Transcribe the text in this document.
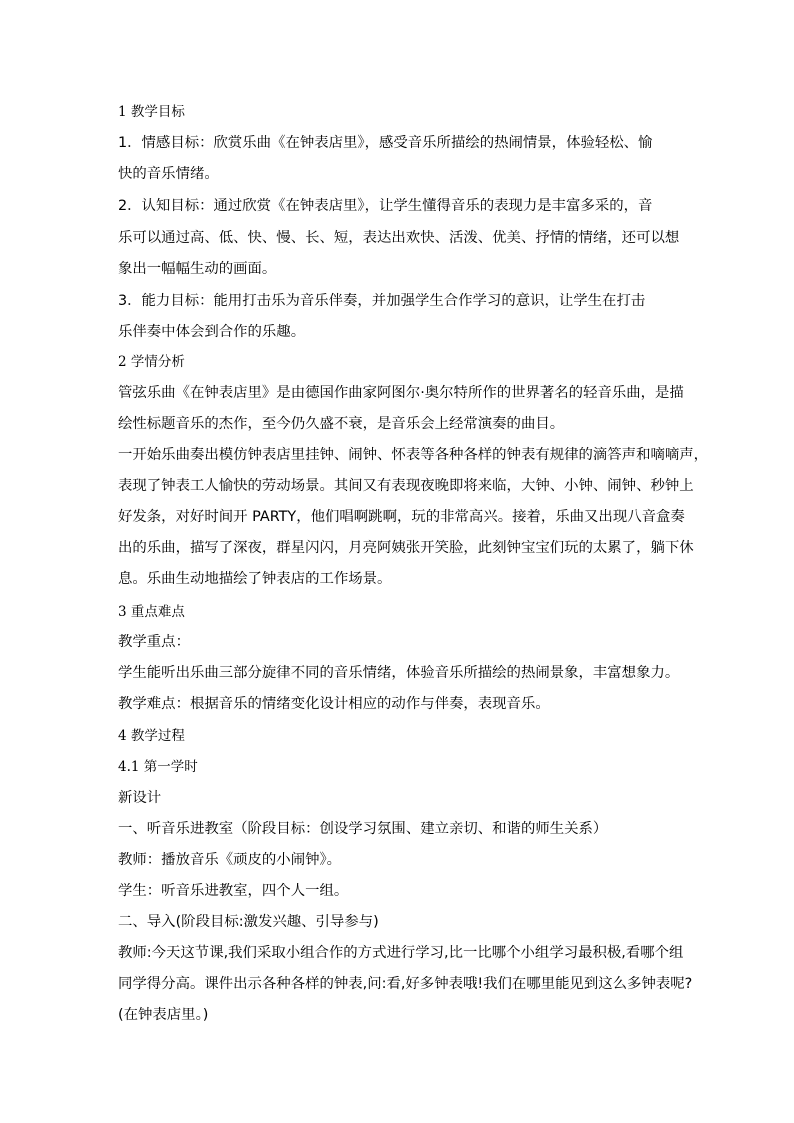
1 教学目标
1．情感目标：欣赏乐曲《在钟表店里》，感受音乐所描绘的热闹情景，体验轻松、愉
快的音乐情绪。
2．认知目标：通过欣赏《在钟表店里》，让学生懂得音乐的表现力是丰富多采的，音
乐可以通过高、低、快、慢、长、短，表达出欢快、活泼、优美、抒情的情绪，还可以想
象出一幅幅生动的画面。
3．能力目标：能用打击乐为音乐伴奏，并加强学生合作学习的意识，让学生在打击
乐伴奏中体会到合作的乐趣。
2 学情分析
管弦乐曲《在钟表店里》是由德国作曲家阿图尔·奥尔特所作的世界著名的轻音乐曲，是描
绘性标题音乐的杰作，至今仍久盛不衰，是音乐会上经常演奏的曲目。
一开始乐曲奏出模仿钟表店里挂钟、闹钟、怀表等各种各样的钟表有规律的滴答声和嘀嘀声，
表现了钟表工人愉快的劳动场景。其间又有表现夜晚即将来临，大钟、小钟、闹钟、秒钟上
好发条，对好时间开 PARTY，他们唱啊跳啊，玩的非常高兴。接着，乐曲又出现八音盒奏
出的乐曲，描写了深夜，群星闪闪，月亮阿姨张开笑脸，此刻钟宝宝们玩的太累了，躺下休
息。乐曲生动地描绘了钟表店的工作场景。
3 重点难点
教学重点：
学生能听出乐曲三部分旋律不同的音乐情绪，体验音乐所描绘的热闹景象，丰富想象力。
教学难点：根据音乐的情绪变化设计相应的动作与伴奏，表现音乐。
4 教学过程
4.1 第一学时
新设计
一、听音乐进教室（阶段目标：创设学习氛围、建立亲切、和谐的师生关系）
教师：播放音乐《顽皮的小闹钟》。
学生：听音乐进教室，四个人一组。
二、导入(阶段目标:激发兴趣、引导参与)
教师:今天这节课,我们采取小组合作的方式进行学习,比一比哪个小组学习最积极,看哪个组
同学得分高。课件出示各种各样的钟表,问:看,好多钟表哦!我们在哪里能见到这么多钟表呢?
(在钟表店里。)
